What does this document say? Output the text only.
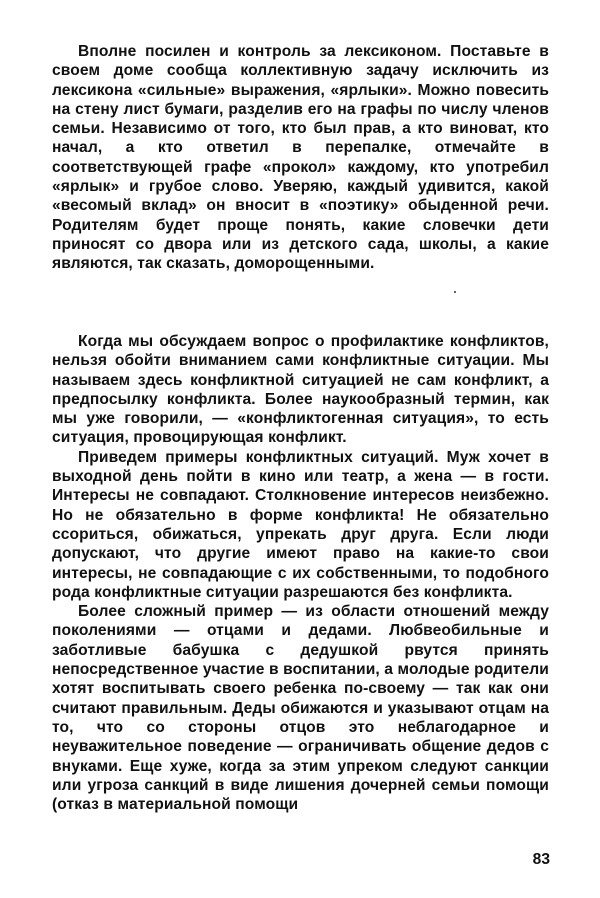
Вполне посилен и контроль за лексиконом. Поставьте в своем доме сообща коллективную задачу исключить из лексикона «сильные» выражения, «ярлыки». Можно повесить на стену лист бумаги, разделив его на графы по числу членов семьи. Независимо от того, кто был прав, а кто виноват, кто начал, а кто ответил в перепалке, отмечайте в соответствующей графе «прокол» каждому, кто употребил «ярлык» и грубое слово. Уверяю, каждый удивится, какой «весомый вклад» он вносит в «поэтику» обыденной речи. Родителям будет проще понять, какие словечки дети приносят со двора или из детского сада, школы, а какие являются, так сказать, доморощенными.

Когда мы обсуждаем вопрос о профилактике конфликтов, нельзя обойти вниманием сами конфликтные ситуации. Мы называем здесь конфликтной ситуацией не сам конфликт, а предпосылку конфликта. Более наукообразный термин, как мы уже говорили, — «конфликтогенная ситуация», то есть ситуация, провоцирующая конфликт.

Приведем примеры конфликтных ситуаций. Муж хочет в выходной день пойти в кино или театр, а жена — в гости. Интересы не совпадают. Столкновение интересов неизбежно. Но не обязательно в форме конфликта! Не обязательно ссориться, обижаться, упрекать друг друга. Если люди допускают, что другие имеют право на какие-то свои интересы, не совпадающие с их собственными, то подобного рода конфликтные ситуации разрешаются без конфликта.

Более сложный пример — из области отношений между поколениями — отцами и дедами. Любвеобильные и заботливые бабушка с дедушкой рвутся принять непосредственное участие в воспитании, а молодые родители хотят воспитывать своего ребенка по-своему — так как они считают правильным. Деды обижаются и указывают отцам на то, что со стороны отцов это неблагодарное и неуважительное поведение — ограничивать общение дедов с внуками. Еще хуже, когда за этим упреком следуют санкции или угроза санкций в виде лишения дочерней семьи помощи (отказ в материальной помощи

83
